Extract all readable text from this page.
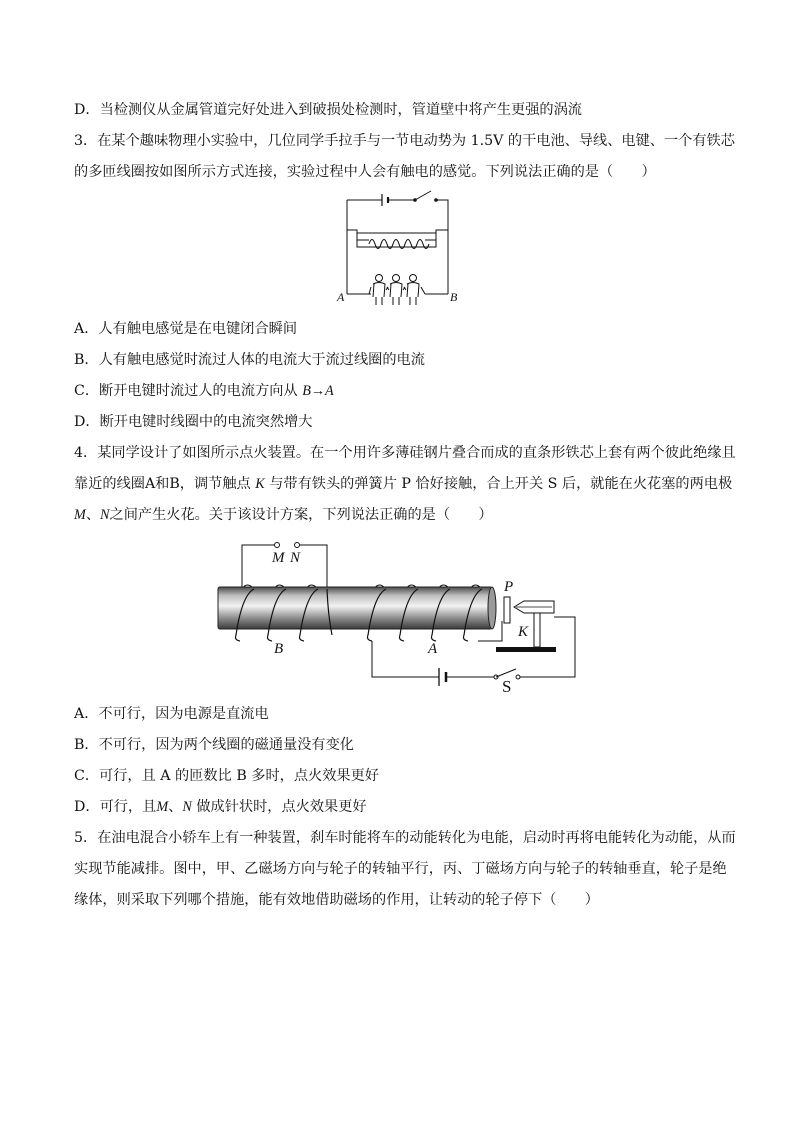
D．当检测仪从金属管道完好处进入到破损处检测时，管道壁中将产生更强的涡流
3．在某个趣味物理小实验中，几位同学手拉手与一节电动势为 1.5V 的干电池、导线、电键、一个有铁芯
的多匝线圈按如图所示方式连接，实验过程中人会有触电的感觉。下列说法正确的是（　　）
A	B
A．人有触电感觉是在电键闭合瞬间
B．人有触电感觉时流过人体的电流大于流过线圈的电流
C．断开电键时流过人的电流方向从 B→A
D．断开电键时线圈中的电流突然增大
4．某同学设计了如图所示点火装置。在一个用许多薄硅钢片叠合而成的直条形铁芯上套有两个彼此绝缘且
靠近的线圈A和B，调节触点 K 与带有铁头的弹簧片 P 恰好接触，合上开关 S 后，就能在火花塞的两电极
M、N之间产生火花。关于该设计方案，下列说法正确的是（　　）
M N
P
K
B	A
S
A．不可行，因为电源是直流电
B．不可行，因为两个线圈的磁通量没有变化
C．可行，且 A 的匝数比 B 多时，点火效果更好
D．可行，且M、N 做成针状时，点火效果更好
5．在油电混合小轿车上有一种装置，刹车时能将车的动能转化为电能，启动时再将电能转化为动能，从而
实现节能减排。图中，甲、乙磁场方向与轮子的转轴平行，丙、丁磁场方向与轮子的转轴垂直，轮子是绝
缘体，则采取下列哪个措施，能有效地借助磁场的作用，让转动的轮子停下（　　）
